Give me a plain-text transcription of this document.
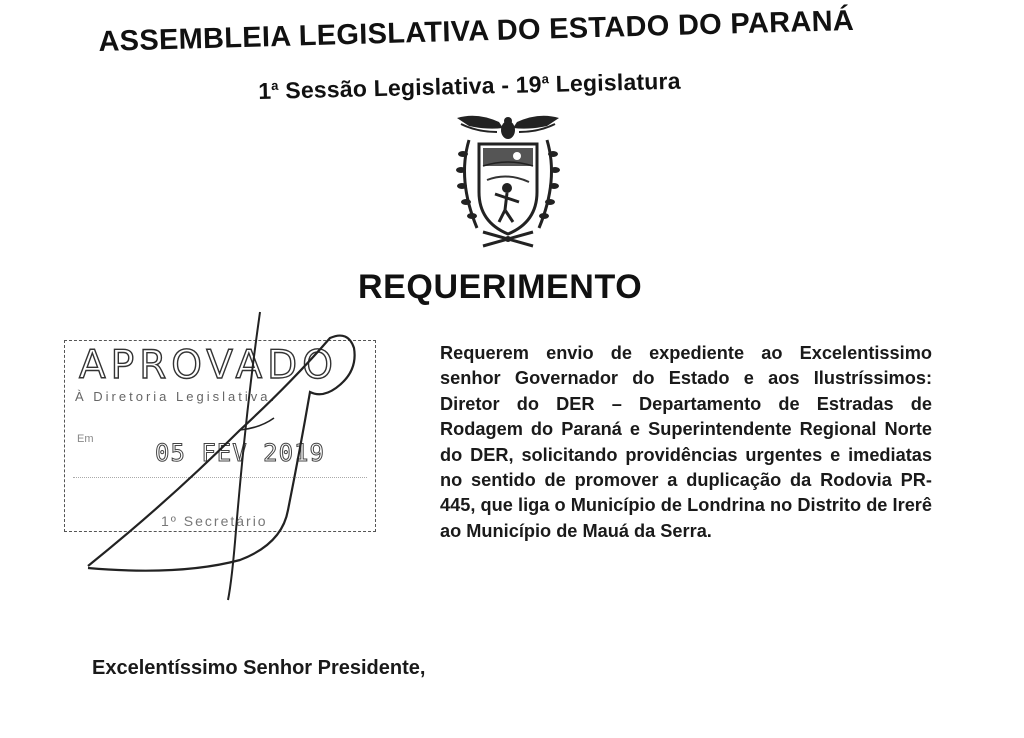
ASSEMBLEIA LEGISLATIVA DO ESTADO DO PARANÁ
1$^a$ Sessão Legislativa - 19$^a$ Legislatura
REQUERIMENTO
APROVADO
À Diretoria Legislativa.
Em	05 FEV 2019
1º Secretário
Requerem envio de expediente ao Excelentissimo senhor Governador do Estado e aos Ilustríssimos: Diretor do DER – Departamento de Estradas de Rodagem do Paraná e Superintendente Regional Norte do DER, solicitando providências urgentes e imediatas no sentido de promover a duplicação da Rodovia PR-445, que liga o Município de Londrina no Distrito de Irerê ao Município de Mauá da Serra.
Excelentíssimo Senhor Presidente,
